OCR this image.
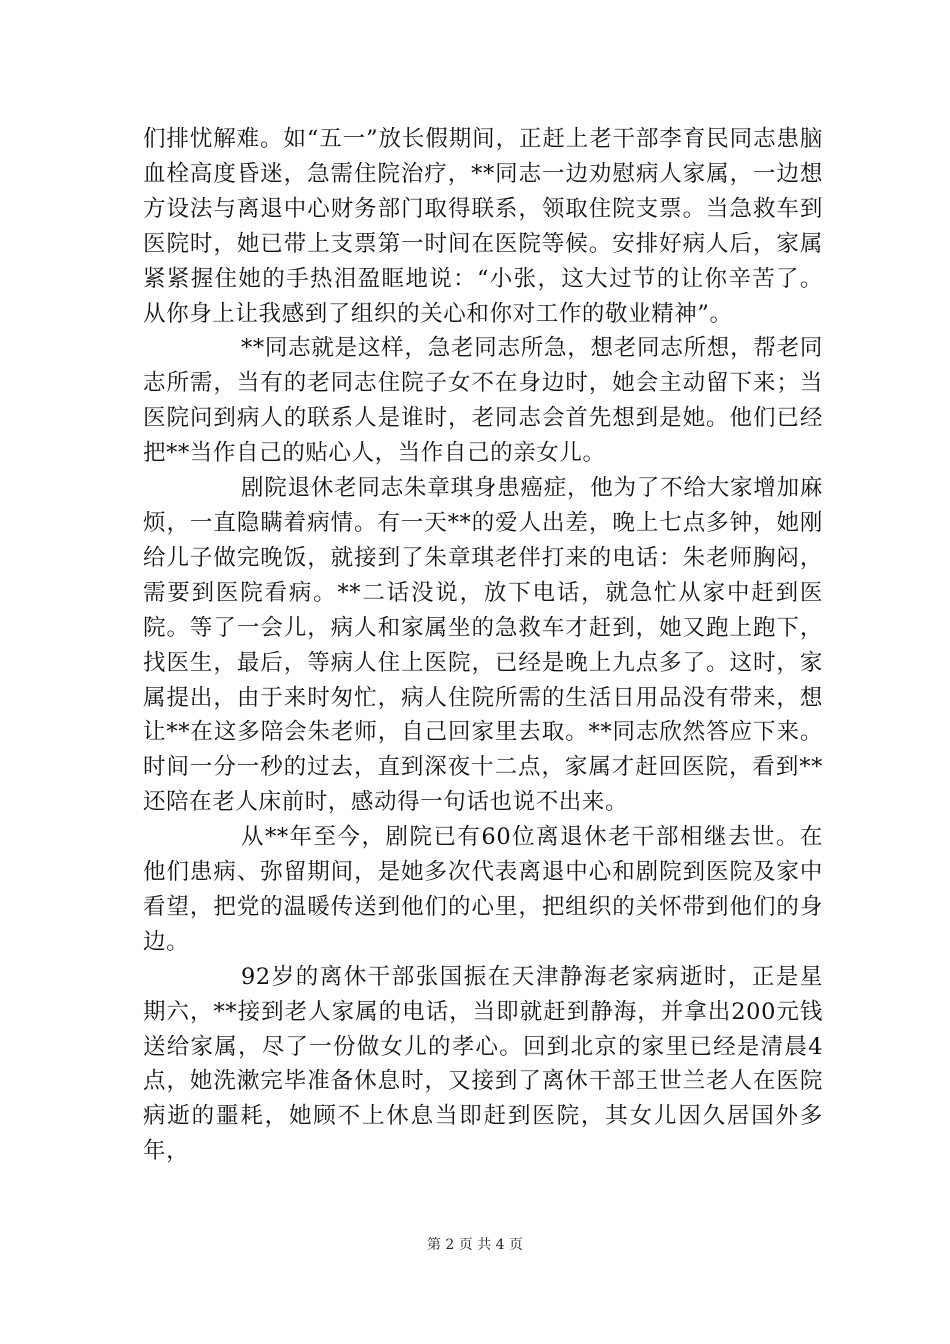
们排忧解难。如“五一”放长假期间，正赶上老干部李育民同志患脑血栓高度昏迷，急需住院治疗，**同志一边劝慰病人家属，一边想方设法与离退中心财务部门取得联系，领取住院支票。当急救车到医院时，她已带上支票第一时间在医院等候。安排好病人后，家属紧紧握住她的手热泪盈眶地说：“小张，这大过节的让你辛苦了。从你身上让我感到了组织的关心和你对工作的敬业精神”。

**同志就是这样，急老同志所急，想老同志所想，帮老同志所需，当有的老同志住院子女不在身边时，她会主动留下来；当医院问到病人的联系人是谁时，老同志会首先想到是她。他们已经把**当作自己的贴心人，当作自己的亲女儿。

剧院退休老同志朱章琪身患癌症，他为了不给大家增加麻烦，一直隐瞒着病情。有一天**的爱人出差，晚上七点多钟，她刚给儿子做完晚饭，就接到了朱章琪老伴打来的电话：朱老师胸闷，需要到医院看病。**二话没说，放下电话，就急忙从家中赶到医院。等了一会儿，病人和家属坐的急救车才赶到，她又跑上跑下，找医生，最后，等病人住上医院，已经是晚上九点多了。这时，家属提出，由于来时匆忙，病人住院所需的生活日用品没有带来，想让**在这多陪会朱老师，自己回家里去取。**同志欣然答应下来。时间一分一秒的过去，直到深夜十二点，家属才赶回医院，看到**还陪在老人床前时，感动得一句话也说不出来。

从**年至今，剧院已有60位离退休老干部相继去世。在他们患病、弥留期间，是她多次代表离退中心和剧院到医院及家中看望，把党的温暖传送到他们的心里，把组织的关怀带到他们的身边。

92岁的离休干部张国振在天津静海老家病逝时，正是星期六，**接到老人家属的电话，当即就赶到静海，并拿出200元钱送给家属，尽了一份做女儿的孝心。回到北京的家里已经是清晨4点，她洗漱完毕准备休息时，又接到了离休干部王世兰老人在医院病逝的噩耗，她顾不上休息当即赶到医院，其女儿因久居国外多年，

第 2 页 共 4 页
